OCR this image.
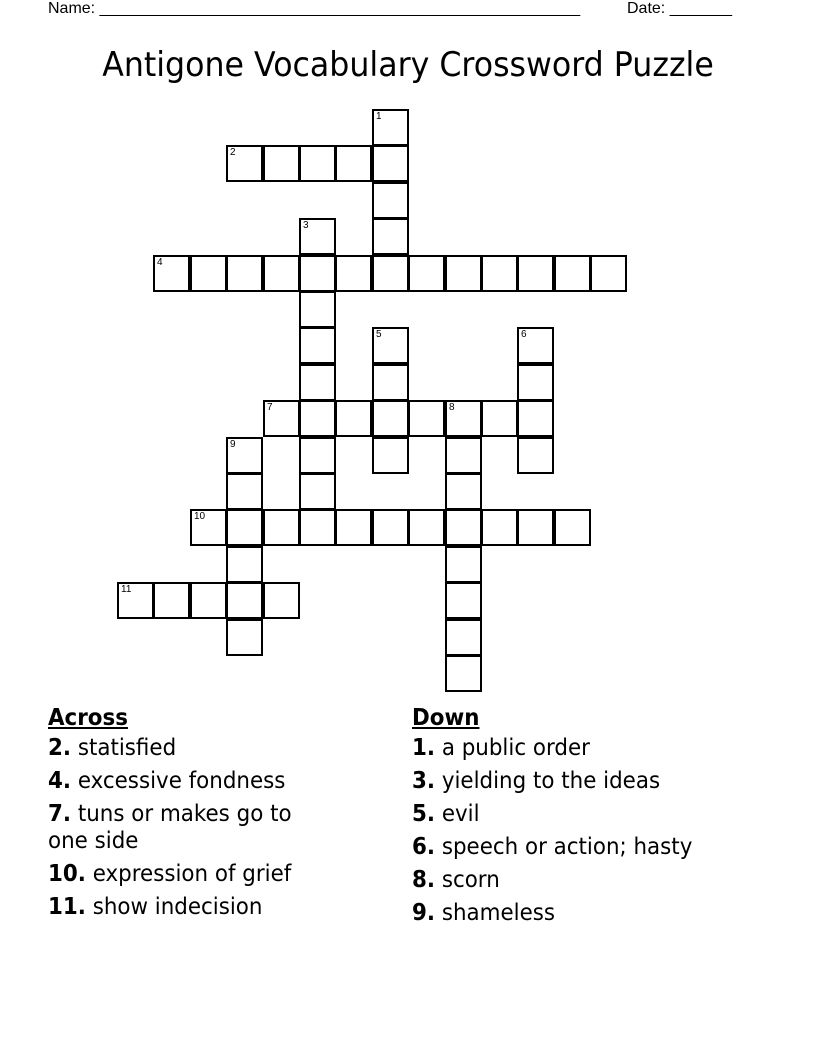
Name: ______________________________________________________	Date: _______
Antigone Vocabulary Crossword Puzzle
1
2
3
4
5	6
7	8
9
10
11
Across
2. statisfied
4. excessive fondness
7. tuns or makes go to one side
10. expression of grief
11. show indecision
Down
1. a public order
3. yielding to the ideas
5. evil
6. speech or action; hasty
8. scorn
9. shameless
